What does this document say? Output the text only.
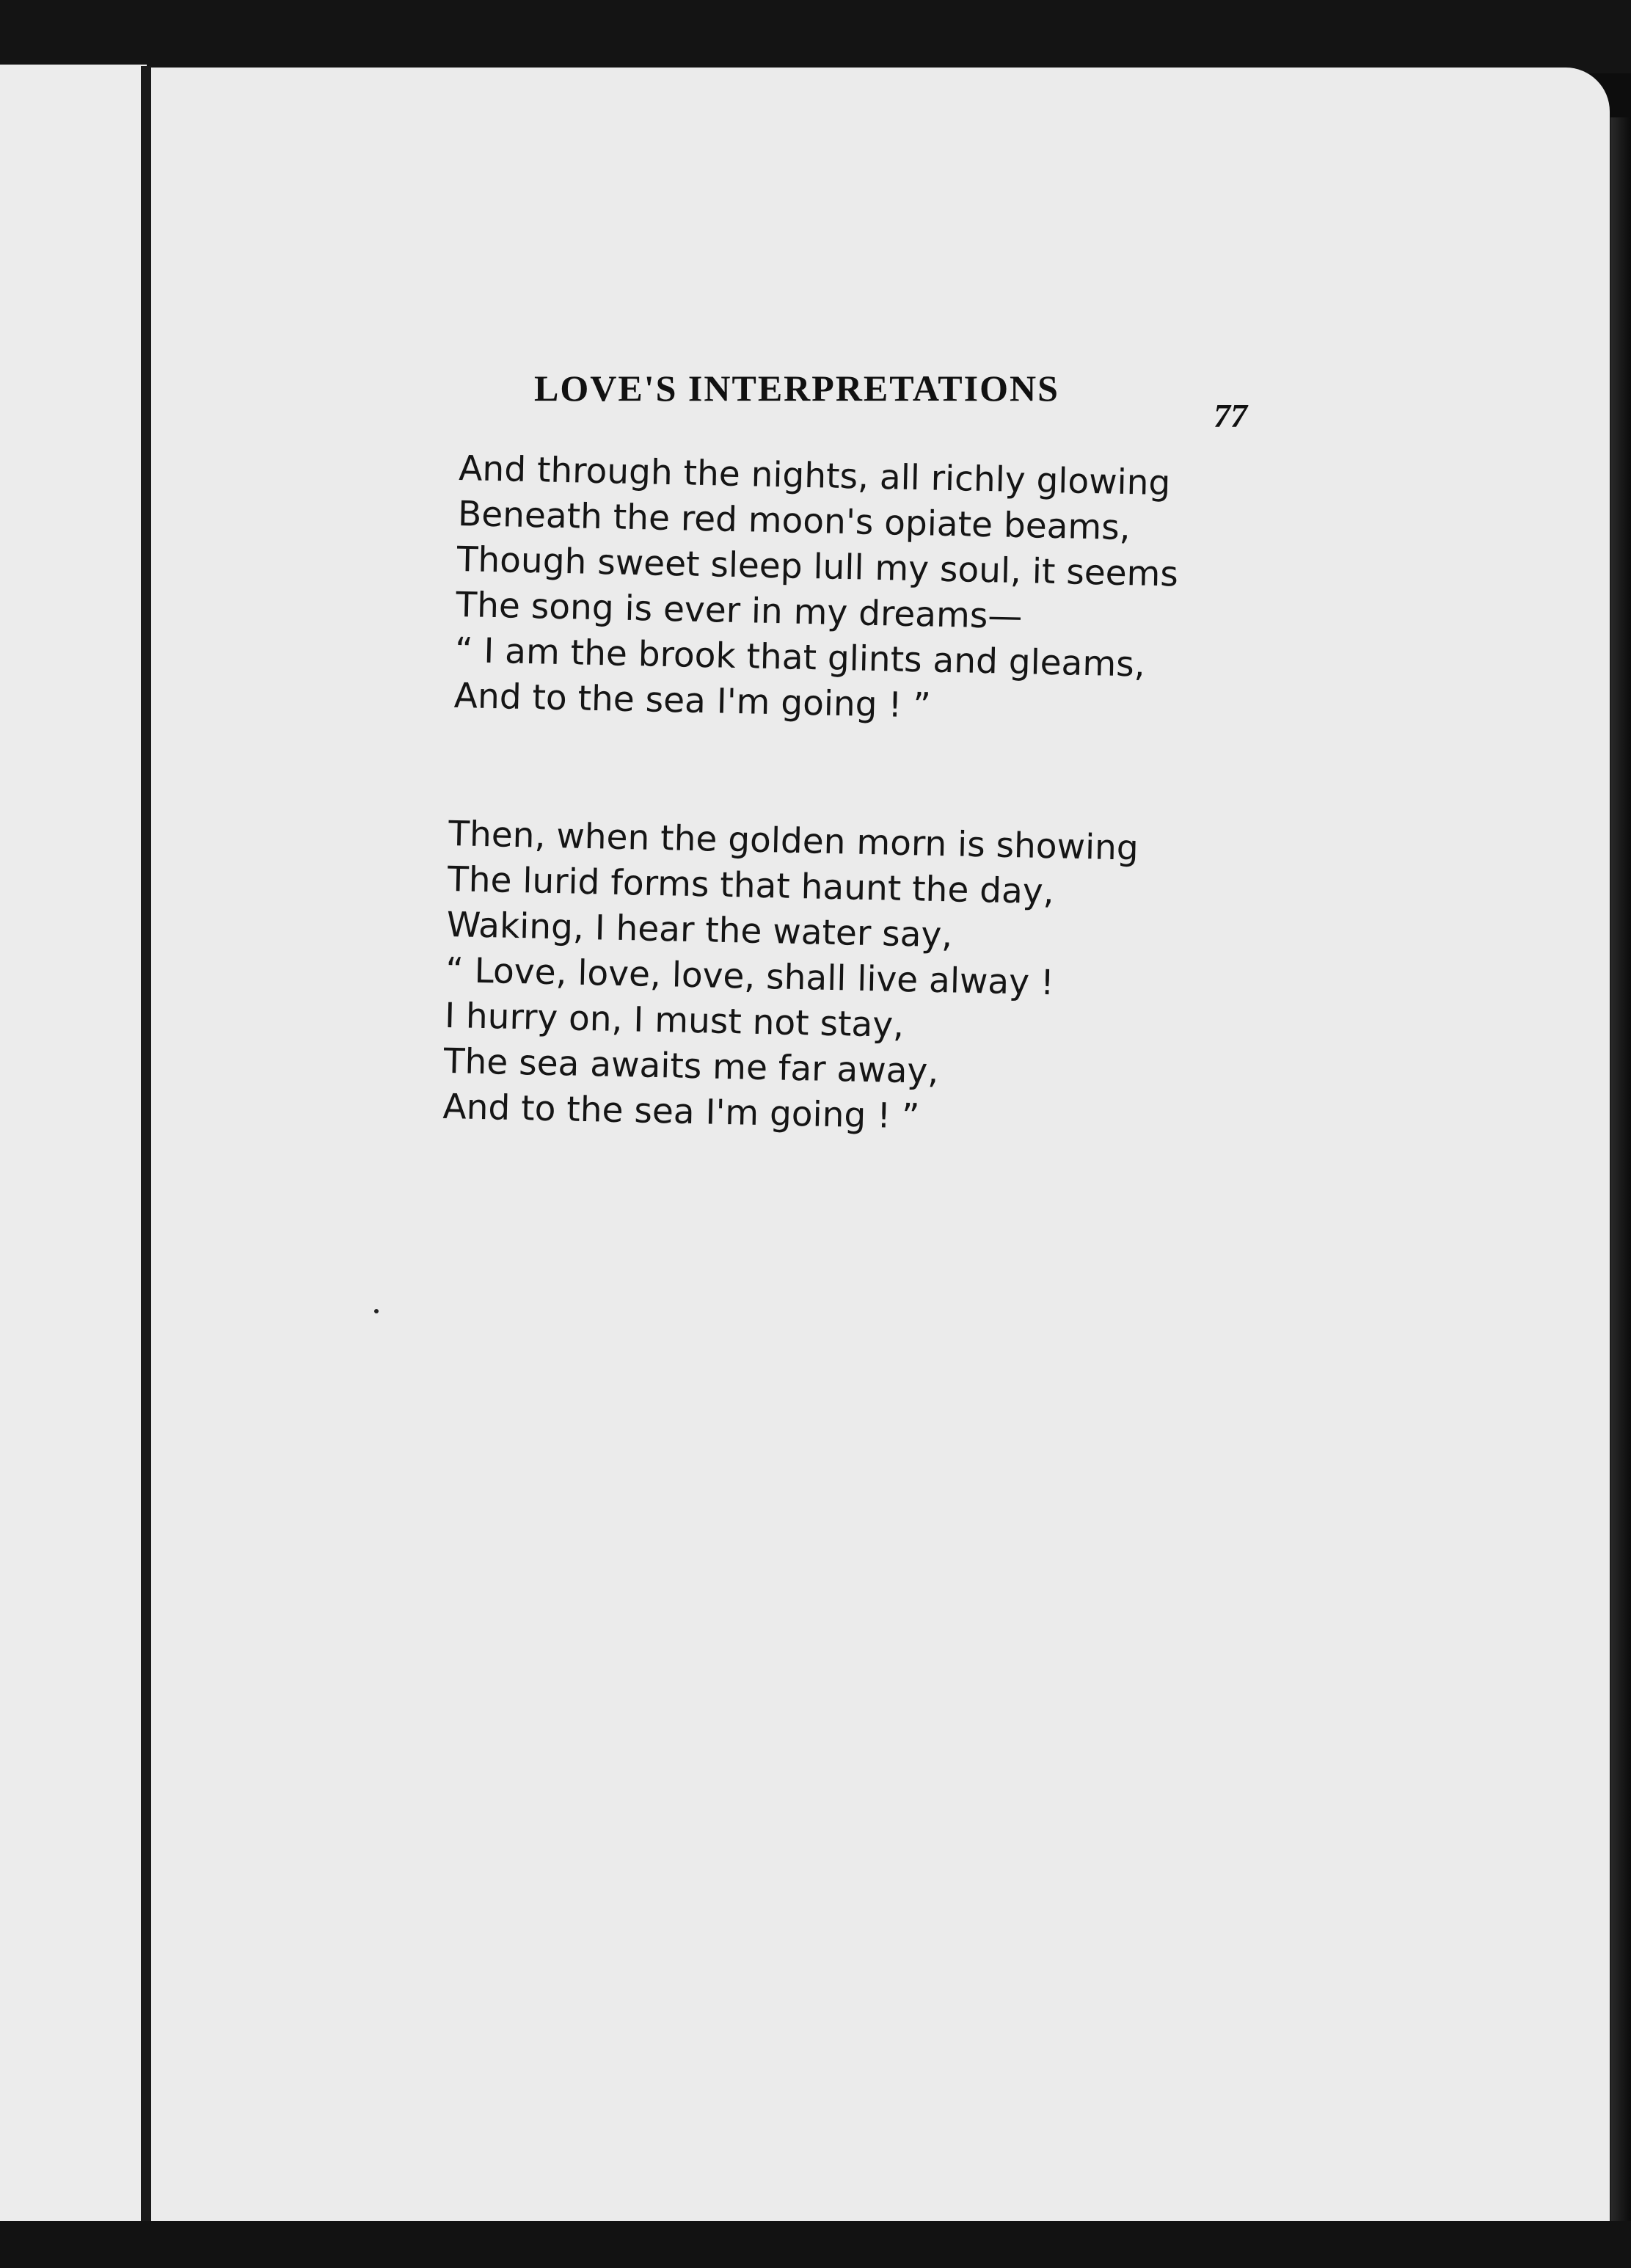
LOVE'S INTERPRETATIONS
77
And through the nights, all richly glowing
Beneath the red moon's opiate beams,
Though sweet sleep lull my soul, it seems
The song is ever in my dreams—
“ I am the brook that glints and gleams,
And to the sea I'm going ! ”
Then, when the golden morn is showing
The lurid forms that haunt the day,
Waking, I hear the water say,
“ Love, love, love, shall live alway !
I hurry on, I must not stay,
The sea awaits me far away,
And to the sea I'm going ! ”
